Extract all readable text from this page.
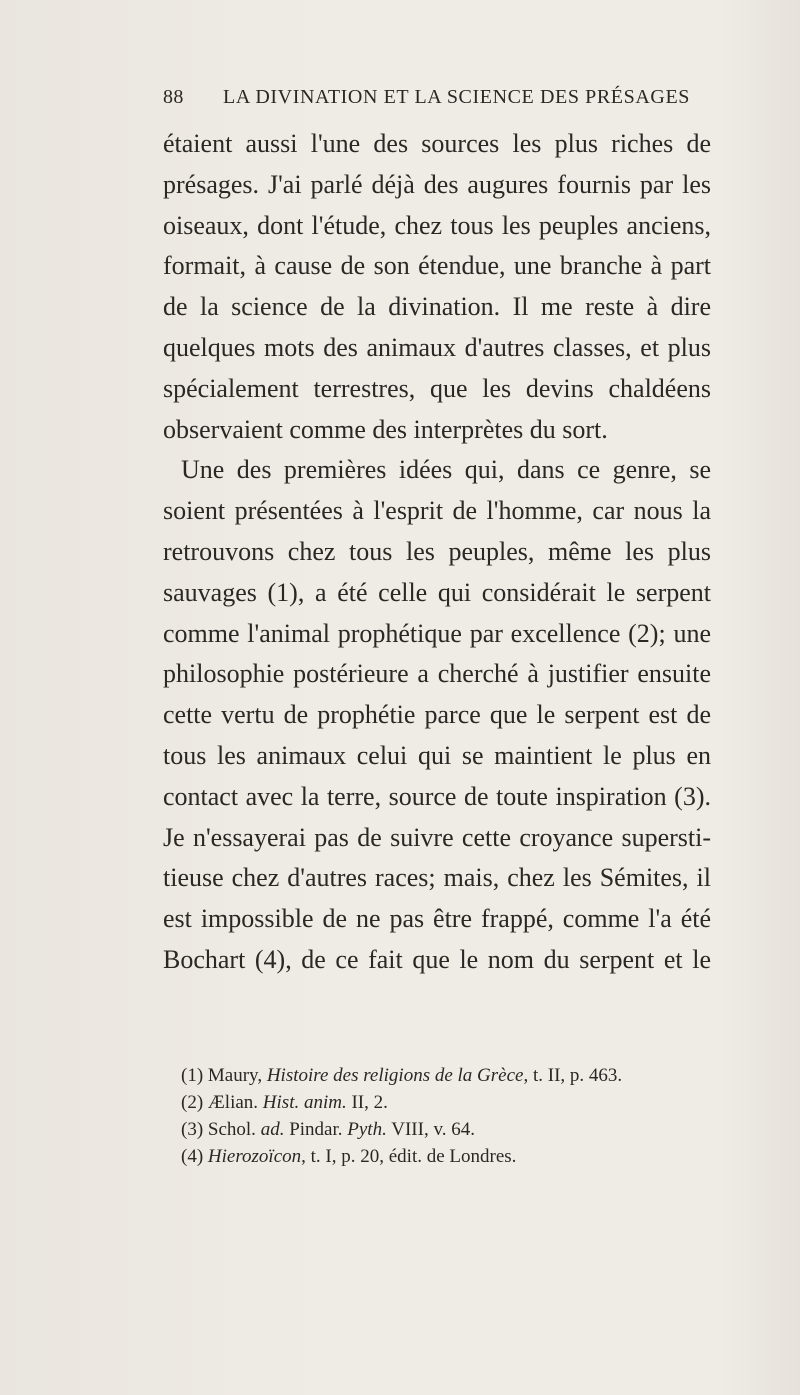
88 LA DIVINATION ET LA SCIENCE DES PRÉSAGES
étaient aussi l'une des sources les plus riches de
présages. J'ai parlé déjà des augures fournis par les
oiseaux, dont l'étude, chez tous les peuples anciens,
formait, à cause de son étendue, une branche à part
de la science de la divination. Il me reste à dire
quelques mots des animaux d'autres classes, et plus
spécialement terrestres, que les devins chaldéens
observaient comme des interprètes du sort.
Une des premières idées qui, dans ce genre, se
soient présentées à l'esprit de l'homme, car nous la
retrouvons chez tous les peuples, même les plus
sauvages (1), a été celle qui considérait le serpent
comme l'animal prophétique par excellence (2); une
philosophie postérieure a cherché à justifier ensuite
cette vertu de prophétie parce que le serpent est de
tous les animaux celui qui se maintient le plus en
contact avec la terre, source de toute inspiration (3).
Je n'essayerai pas de suivre cette croyance supersti-
tieuse chez d'autres races; mais, chez les Sémites, il
est impossible de ne pas être frappé, comme l'a été
Bochart (4), de ce fait que le nom du serpent et le
(1) Maury, Histoire des religions de la Grèce, t. II, p. 463.
(2) Ælian. Hist. anim. II, 2.
(3) Schol. ad. Pindar. Pyth. VIII, v. 64.
(4) Hierozoïcon, t. I, p. 20, édit. de Londres.
